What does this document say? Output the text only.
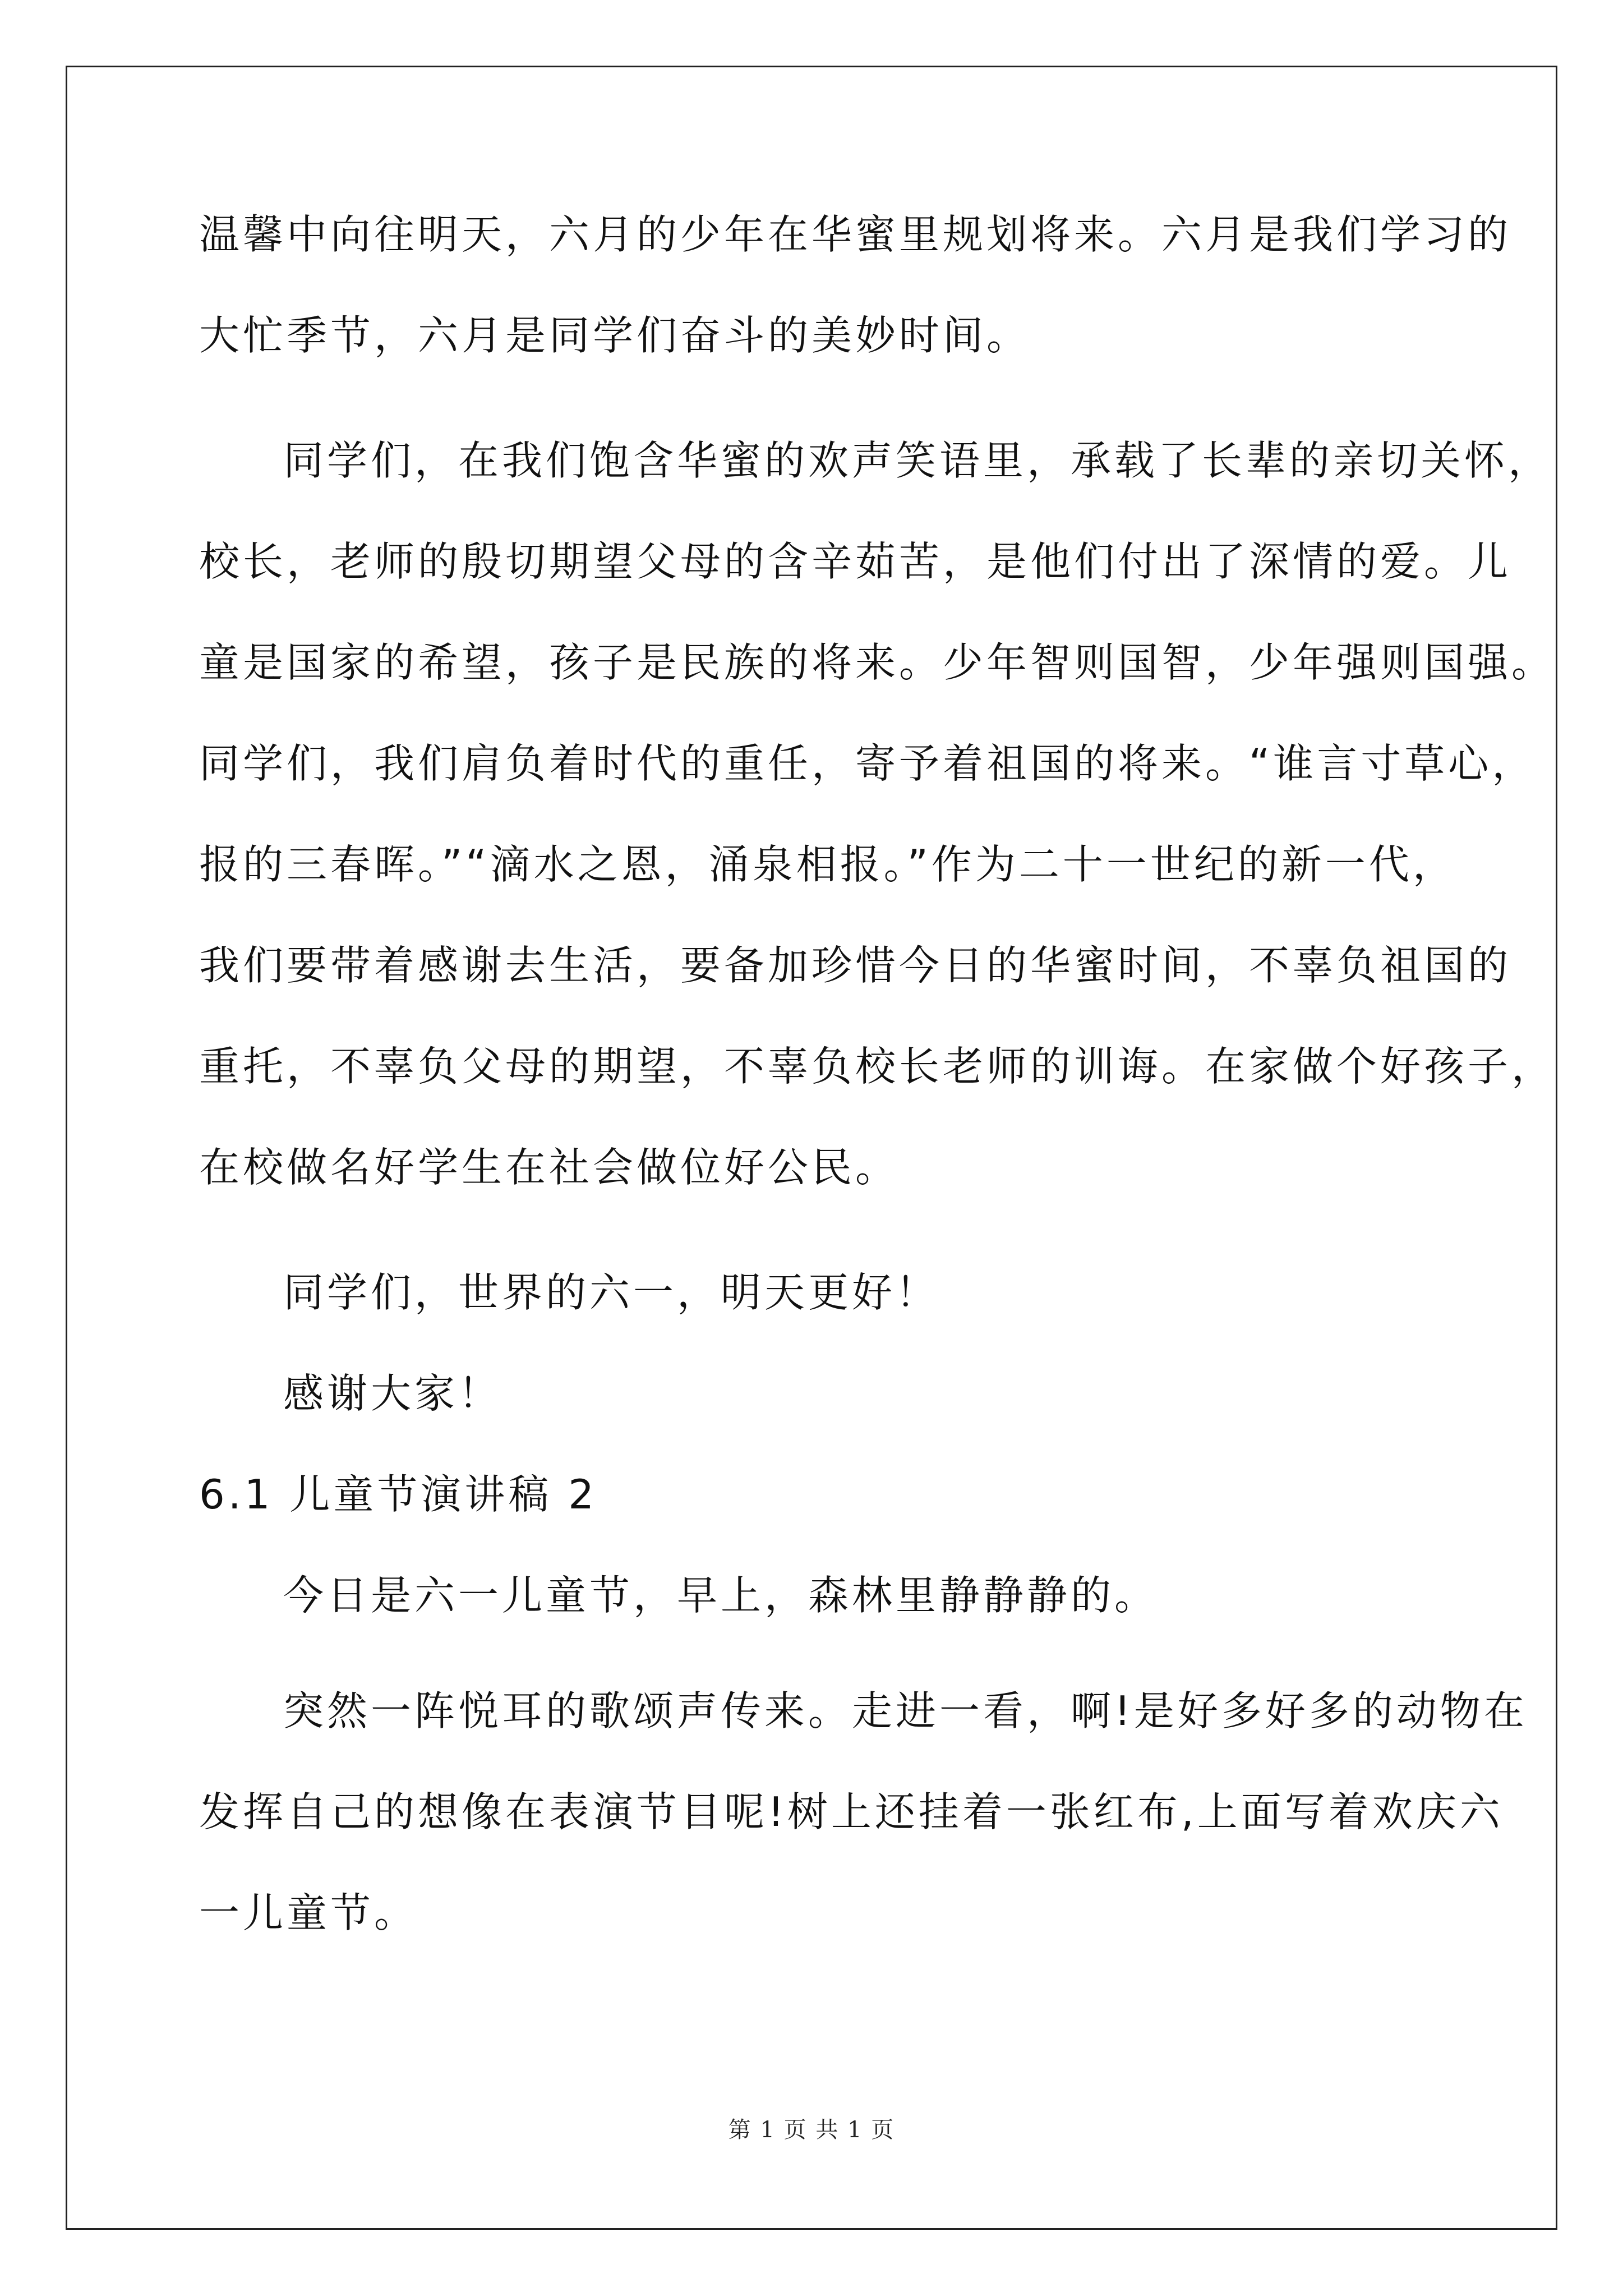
温馨中向往明天，六月的少年在华蜜里规划将来。六月是我们学习的
大忙季节，六月是同学们奋斗的美妙时间。
同学们，在我们饱含华蜜的欢声笑语里，承载了长辈的亲切关怀，
校长，老师的殷切期望父母的含辛茹苦，是他们付出了深情的爱。儿
童是国家的希望，孩子是民族的将来。少年智则国智，少年强则国强。
同学们，我们肩负着时代的重任，寄予着祖国的将来。“谁言寸草心，
报的三春晖。”“滴水之恩，涌泉相报。”作为二十一世纪的新一代，
我们要带着感谢去生活，要备加珍惜今日的华蜜时间，不辜负祖国的
重托，不辜负父母的期望，不辜负校长老师的训诲。在家做个好孩子，
在校做名好学生在社会做位好公民。
同学们，世界的六一，明天更好！
感谢大家！
6.1 儿童节演讲稿 2
今日是六一儿童节，早上，森林里静静静的。
突然一阵悦耳的歌颂声传来。走进一看，啊!是好多好多的动物在
发挥自己的想像在表演节目呢!树上还挂着一张红布,上面写着欢庆六
一儿童节。
第 1 页 共 1 页
